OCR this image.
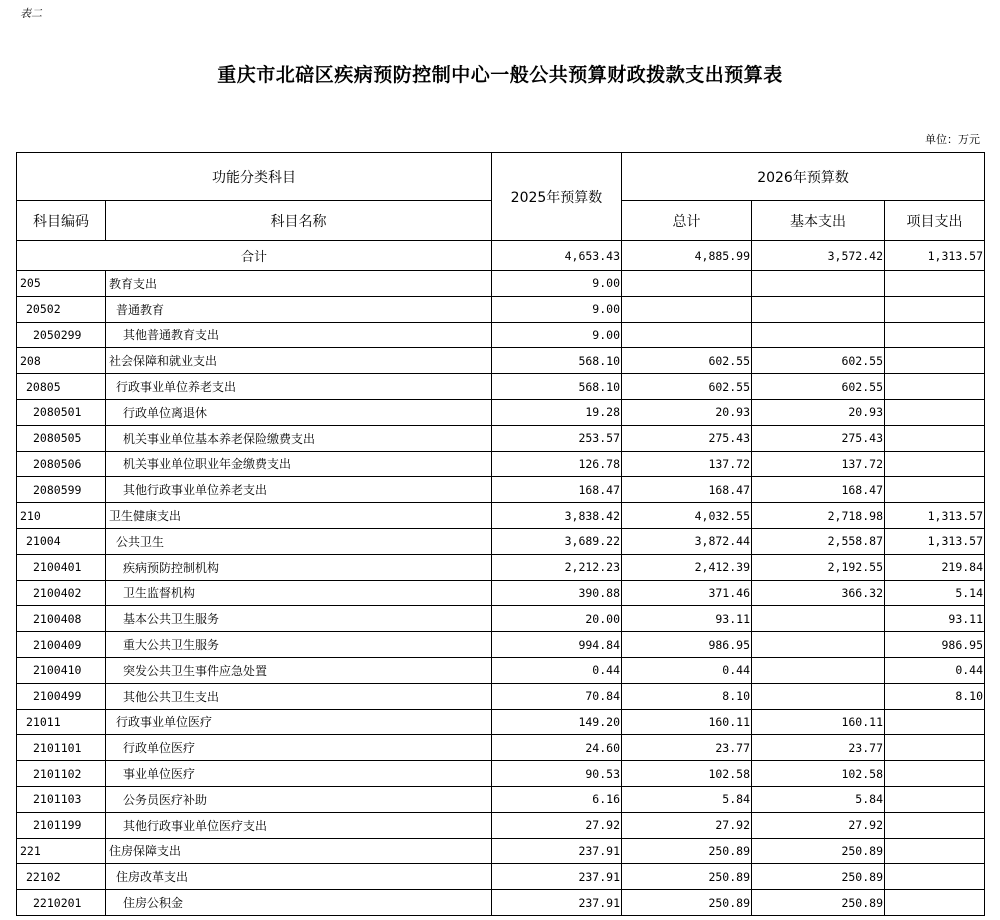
表二
重庆市北碚区疾病预防控制中心一般公共预算财政拨款支出预算表
单位：万元
功能分类科目		2025年预算数	2026年预算数		
科目编码	科目名称		总计	基本支出	项目支出
合计		4,653.43	4,885.99	3,572.42	1,313.57
205	教育支出	9.00			
20502	普通教育	9.00			
2050299	其他普通教育支出	9.00			
208	社会保障和就业支出	568.10	602.55	602.55	
20805	行政事业单位养老支出	568.10	602.55	602.55	
2080501	行政单位离退休	19.28	20.93	20.93	
2080505	机关事业单位基本养老保险缴费支出	253.57	275.43	275.43	
2080506	机关事业单位职业年金缴费支出	126.78	137.72	137.72	
2080599	其他行政事业单位养老支出	168.47	168.47	168.47	
210	卫生健康支出	3,838.42	4,032.55	2,718.98	1,313.57
21004	公共卫生	3,689.22	3,872.44	2,558.87	1,313.57
2100401	疾病预防控制机构	2,212.23	2,412.39	2,192.55	219.84
2100402	卫生监督机构	390.88	371.46	366.32	5.14
2100408	基本公共卫生服务	20.00	93.11		93.11
2100409	重大公共卫生服务	994.84	986.95		986.95
2100410	突发公共卫生事件应急处置	0.44	0.44		0.44
2100499	其他公共卫生支出	70.84	8.10		8.10
21011	行政事业单位医疗	149.20	160.11	160.11	
2101101	行政单位医疗	24.60	23.77	23.77	
2101102	事业单位医疗	90.53	102.58	102.58	
2101103	公务员医疗补助	6.16	5.84	5.84	
2101199	其他行政事业单位医疗支出	27.92	27.92	27.92	
221	住房保障支出	237.91	250.89	250.89	
22102	住房改革支出	237.91	250.89	250.89	
2210201	住房公积金	237.91	250.89	250.89	
